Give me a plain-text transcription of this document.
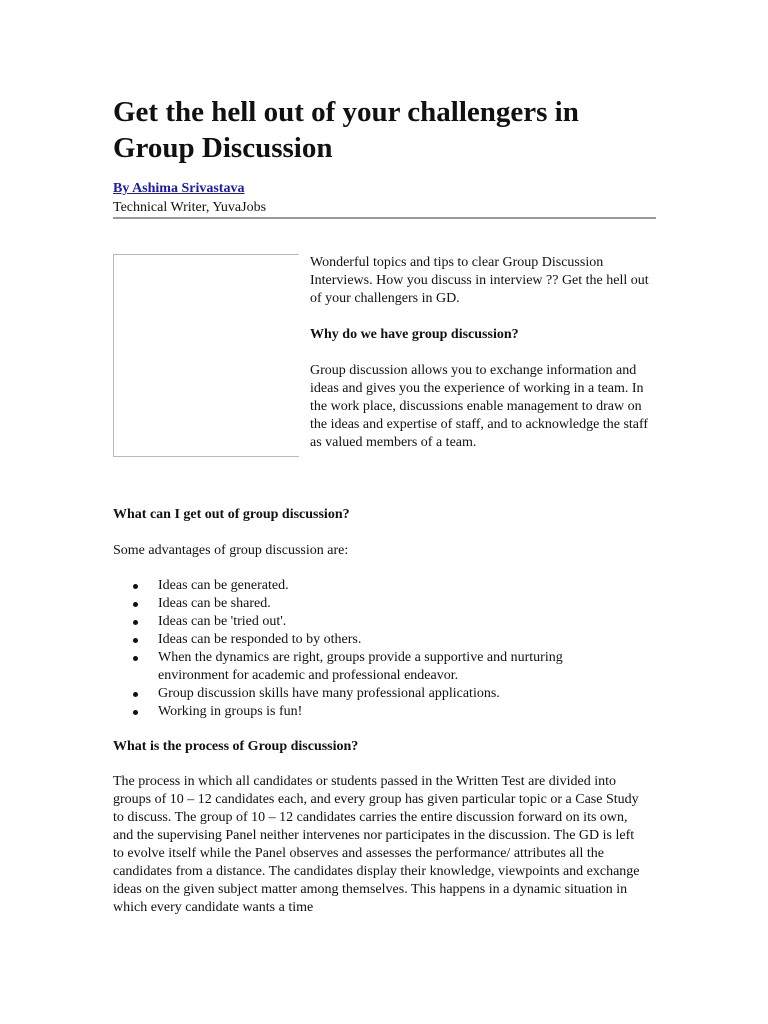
Get the hell out of your challengers in Group Discussion
By Ashima Srivastava
Technical Writer, YuvaJobs

Wonderful topics and tips to clear Group Discussion Interviews. How you discuss in interview ?? Get the hell out of your challengers in GD.

Why do we have group discussion?

Group discussion allows you to exchange information and ideas and gives you the experience of working in a team. In the work place, discussions enable management to draw on the ideas and expertise of staff, and to acknowledge the staff as valued members of a team.

What can I get out of group discussion?
Some advantages of group discussion are:
Ideas can be generated.
Ideas can be shared.
Ideas can be 'tried out'.
Ideas can be responded to by others.
When the dynamics are right, groups provide a supportive and nurturing environment for academic and professional endeavor.
Group discussion skills have many professional applications.
Working in groups is fun!
What is the process of Group discussion?
The process in which all candidates or students passed in the Written Test are divided into groups of 10 – 12 candidates each, and every group has given particular topic or a Case Study to discuss. The group of 10 – 12 candidates carries the entire discussion forward on its own, and the supervising Panel neither intervenes nor participates in the discussion. The GD is left to evolve itself while the Panel observes and assesses the performance/ attributes all the candidates from a distance. The candidates display their knowledge, viewpoints and exchange ideas on the given subject matter among themselves. This happens in a dynamic situation in which every candidate wants a time
